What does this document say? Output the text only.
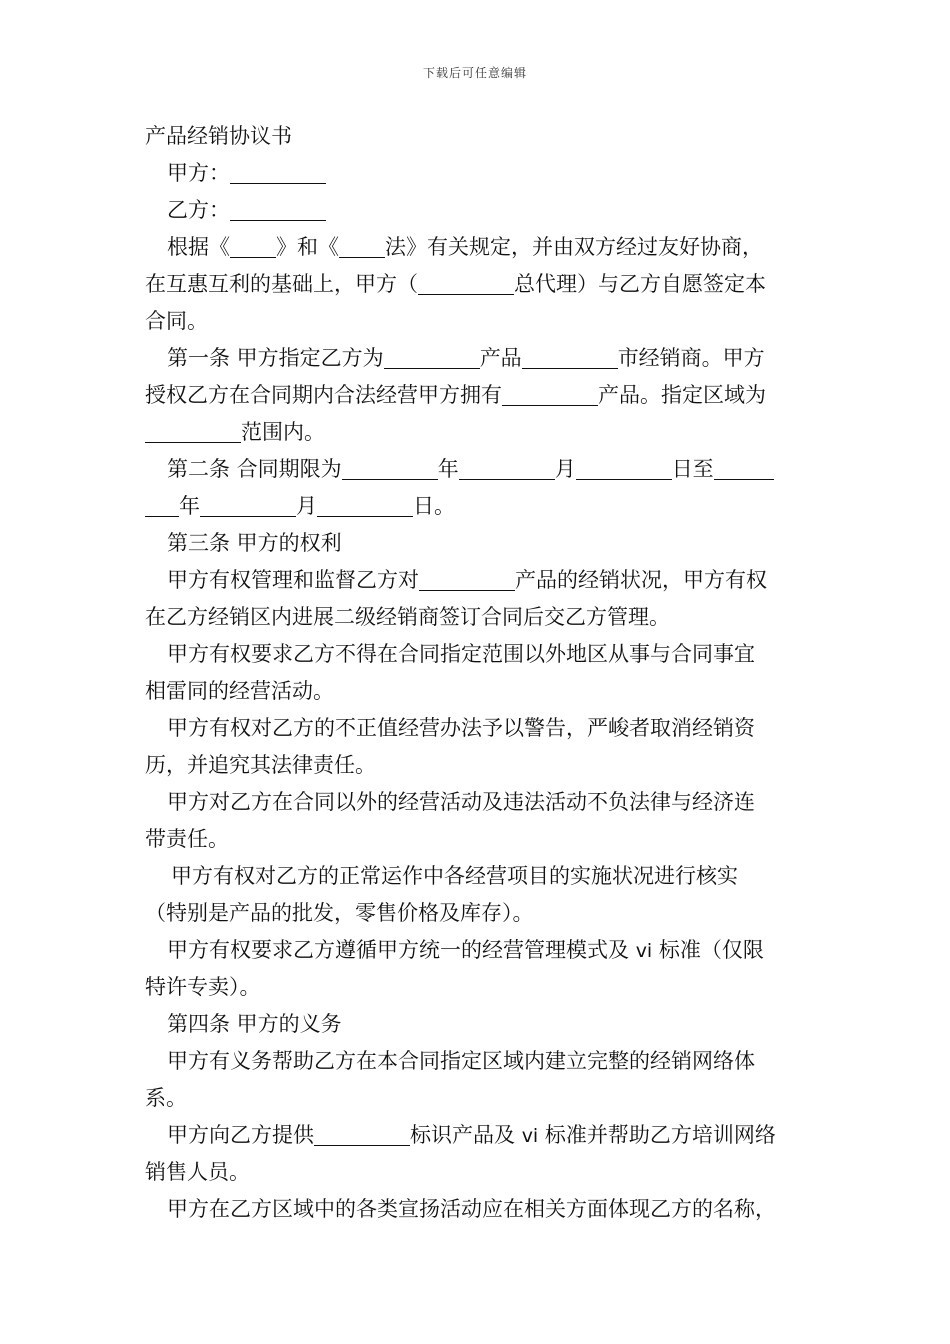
下载后可任意编辑
产品经销协议书
甲方：
乙方：
根据《 》和《 法》有关规定，并由双方经过友好协商，
在互惠互利的基础上，甲方（	总代理）与乙方自愿签定本
合同。
第一条 甲方指定乙方为	产品	市经销商。甲方
授权乙方在合同期内合法经营甲方拥有	产品。指定区域为
范围内。
第二条 合同期限为	年	月	日至
年	月	日。
第三条 甲方的权利
甲方有权管理和监督乙方对	产品的经销状况，甲方有权
在乙方经销区内进展二级经销商签订合同后交乙方管理。
甲方有权要求乙方不得在合同指定范围以外地区从事与合同事宜
相雷同的经营活动。
甲方有权对乙方的不正值经营办法予以警告，严峻者取消经销资
历，并追究其法律责任。
甲方对乙方在合同以外的经营活动及违法活动不负法律与经济连
带责任。
甲方有权对乙方的正常运作中各经营项目的实施状况进行核实
（特别是产品的批发，零售价格及库存）。
甲方有权要求乙方遵循甲方统一的经营管理模式及 vi 标准（仅限
特许专卖）。
第四条 甲方的义务
甲方有义务帮助乙方在本合同指定区域内建立完整的经销网络体
系。
甲方向乙方提供	标识产品及 vi 标准并帮助乙方培训网络
销售人员。
甲方在乙方区域中的各类宣扬活动应在相关方面体现乙方的名称，
